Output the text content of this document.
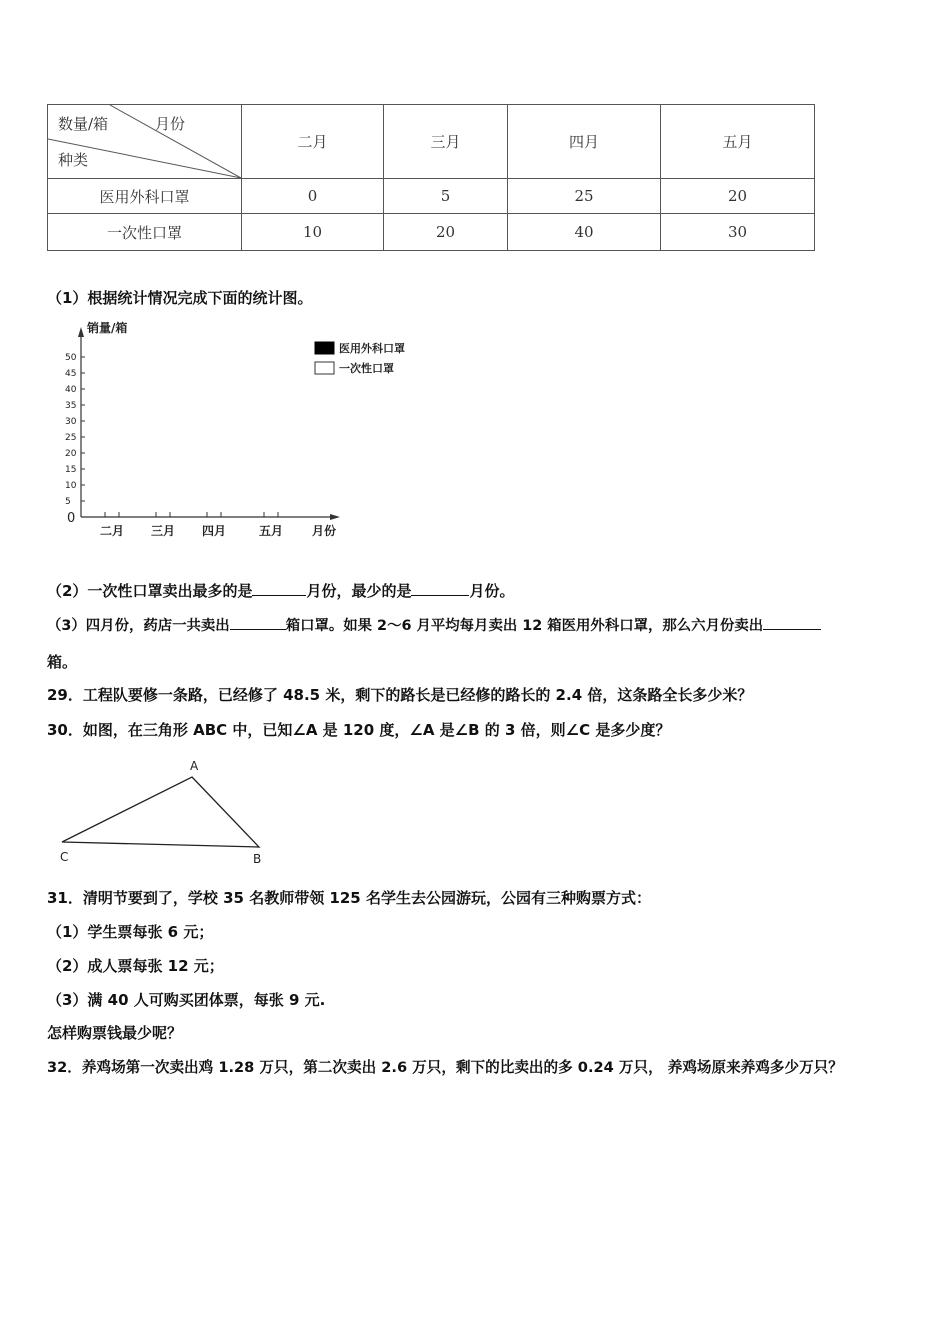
数量/箱 月份
种类	二月	三月	四月	五月
医用外科口罩	0	5	25	20
一次性口罩	10	20	40	30
（1）根据统计情况完成下面的统计图。
销量/箱
月份
0
5
10
15
20
25
30
35
40
45
50
二月 三月 四月	五月
医用外科口罩
一次性口罩
（2）一次性口罩卖出最多的是	月份，最少的是	月份。
（3）四月份，药店一共卖出	箱口罩。如果 2～6 月平均每月卖出 12 箱医用外科口罩，那么六月份卖出
箱。
29．工程队要修一条路，已经修了 48.5 米，剩下的路长是已经修的路长的 2.4 倍，这条路全长多少米？
30．如图，在三角形 ABC 中，已知∠A 是 120 度，∠A 是∠B 的 3 倍，则∠C 是多少度？
A
B
C
31．清明节要到了，学校 35 名教师带领 125 名学生去公园游玩，公园有三种购票方式：
（1）学生票每张 6 元；
（2）成人票每张 12 元；
（3）满 40 人可购买团体票，每张 9 元.
怎样购票钱最少呢？
32．养鸡场第一次卖出鸡 1.28 万只，第二次卖出 2.6 万只，剩下的比卖出的多 0.24 万只， 养鸡场原来养鸡多少万只？
